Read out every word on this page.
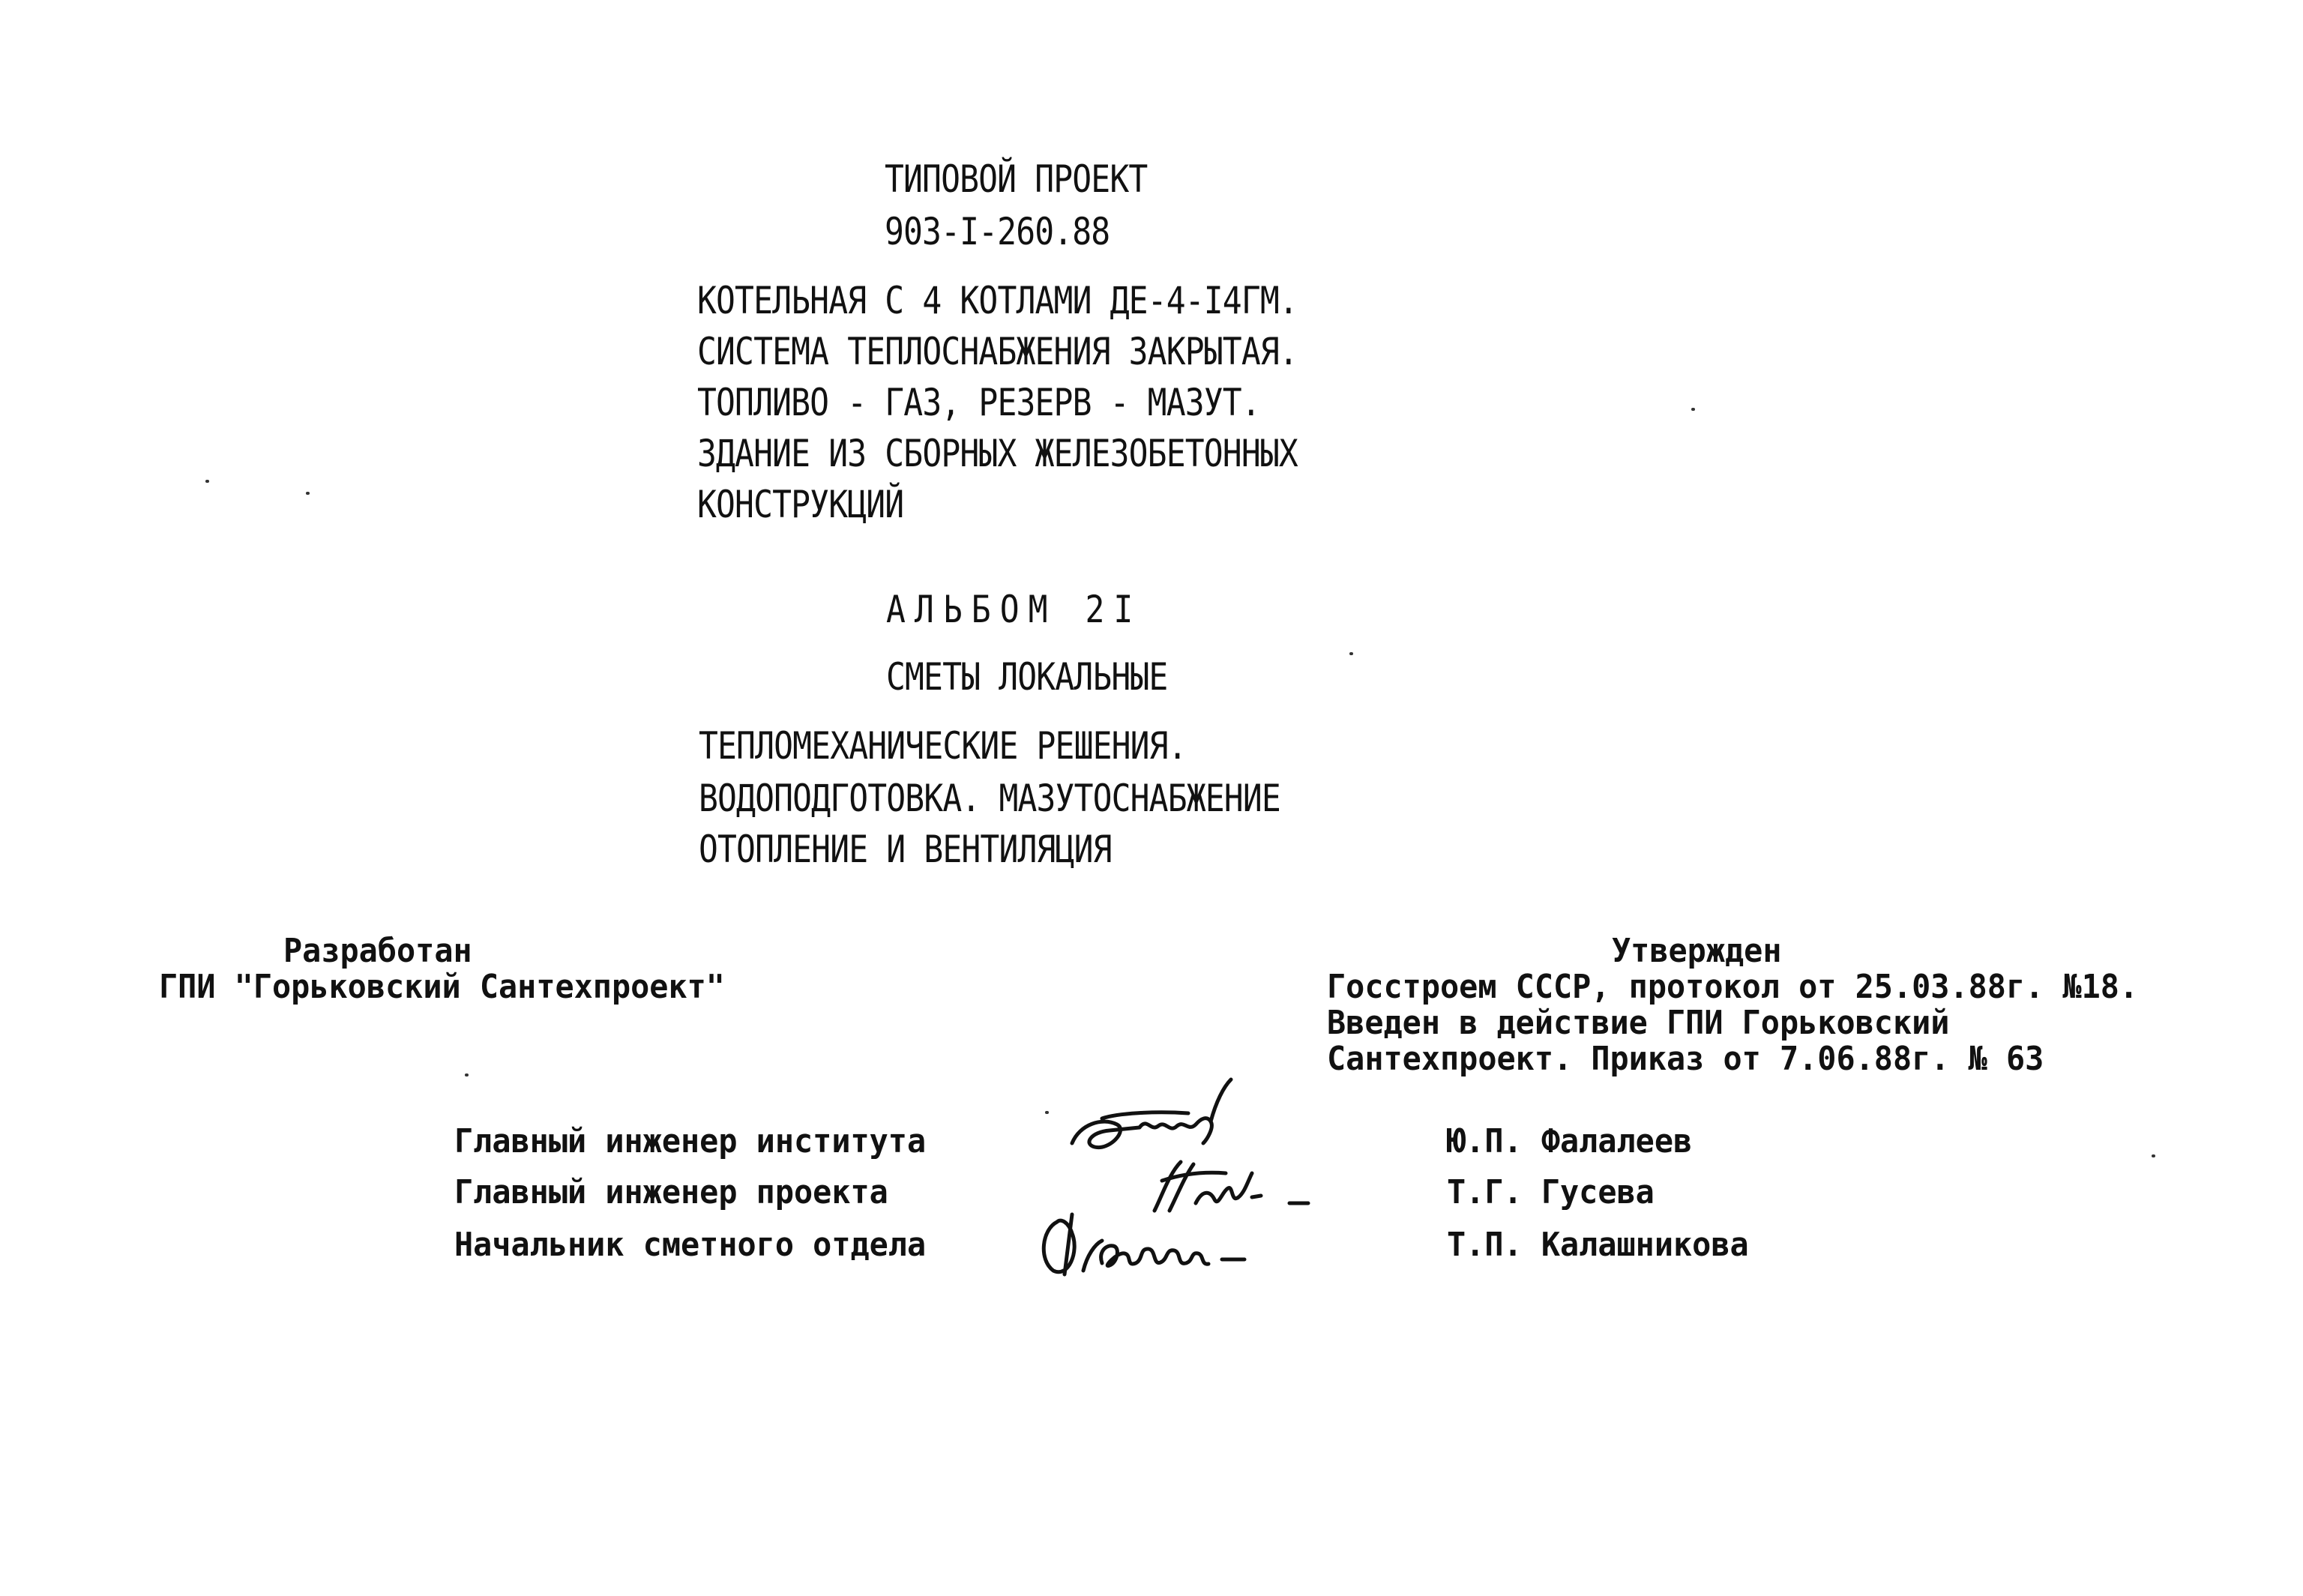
ТИПОВОЙ ПРОЕКТ

903-I-260.88

КОТЕЛЬНАЯ С 4 КОТЛАМИ ДЕ-4-I4ГМ.

СИСТЕМА ТЕПЛОСНАБЖЕНИЯ ЗАКРЫТАЯ.

ТОПЛИВО - ГАЗ, РЕЗЕРВ - МАЗУТ.

ЗДАНИЕ ИЗ СБОРНЫХ ЖЕЛЕЗОБЕТОННЫХ

КОНСТРУКЦИЙ

АЛЬБОМ 2I

СМЕТЫ ЛОКАЛЬНЫЕ

ТЕПЛОМЕХАНИЧЕСКИЕ РЕШЕНИЯ.

ВОДОПОДГОТОВКА. МАЗУТОСНАБЖЕНИЕ

ОТОПЛЕНИЕ И ВЕНТИЛЯЦИЯ

Разработан

ГПИ "Горьковский Сантехпроект"

Утвержден

Госстроем СССР, протокол от 25.03.88г. №18.

Введен в действие ГПИ Горьковский

Сантехпроект. Приказ от 7.06.88г. № 63

Главный инженер института

Главный инженер проекта

Начальник сметного отдела

Ю.П. Фалалеев

Т.Г. Гусева

Т.П. Калашникова
